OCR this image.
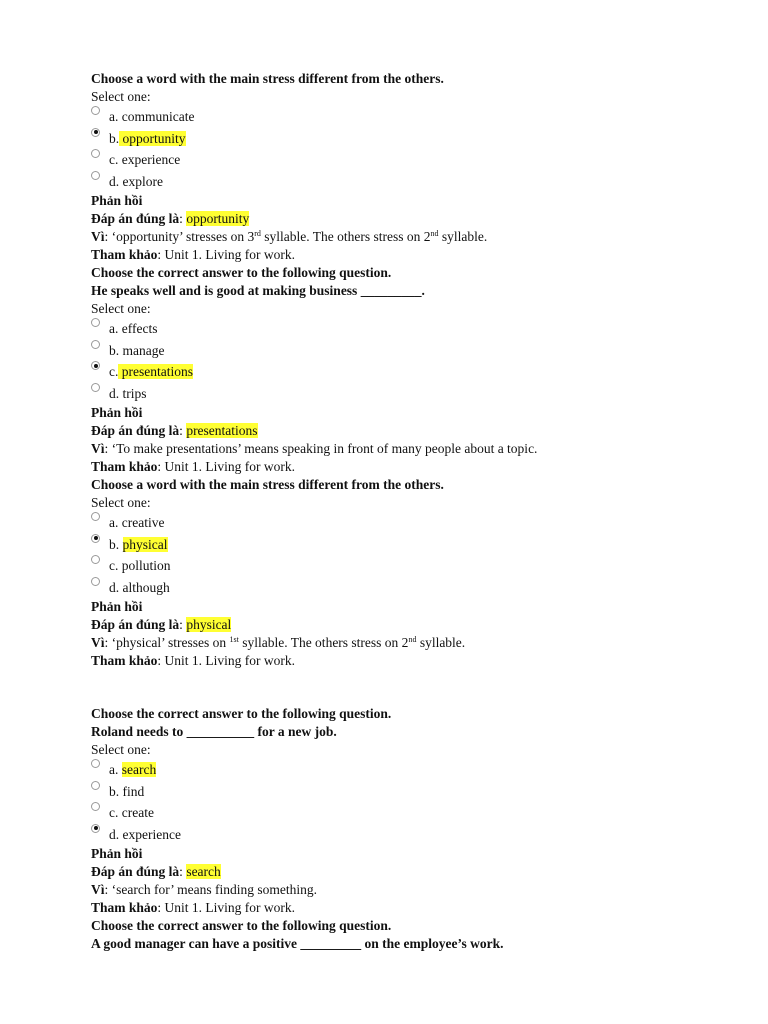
Choose a word with the main stress different from the others.
Select one:
a. communicate
b. opportunity
c. experience
d. explore
Phản hồi
Đáp án đúng là: opportunity
Vì: ‘opportunity’ stresses on 3rd syllable. The others stress on 2nd syllable.
Tham khảo: Unit 1. Living for work.
Choose the correct answer to the following question.
He speaks well and is good at making business _________.
Select one:
a. effects
b. manage
c. presentations
d. trips
Phản hồi
Đáp án đúng là: presentations
Vì: ‘To make presentations’ means speaking in front of many people about a topic.
Tham khảo: Unit 1. Living for work.
Choose a word with the main stress different from the others.
Select one:
a. creative
b. physical
c. pollution
d. although
Phản hồi
Đáp án đúng là: physical
Vì: ‘physical’ stresses on $^{1st}$ syllable. The others stress on 2nd syllable.
Tham khảo: Unit 1. Living for work.
Choose the correct answer to the following question.
Roland needs to __________ for a new job.
Select one:
a. search
b. find
c. create
d. experience
Phản hồi
Đáp án đúng là: search
Vì: ‘search for’ means finding something.
Tham khảo: Unit 1. Living for work.
Choose the correct answer to the following question.
A good manager can have a positive _________ on the employee’s work.
